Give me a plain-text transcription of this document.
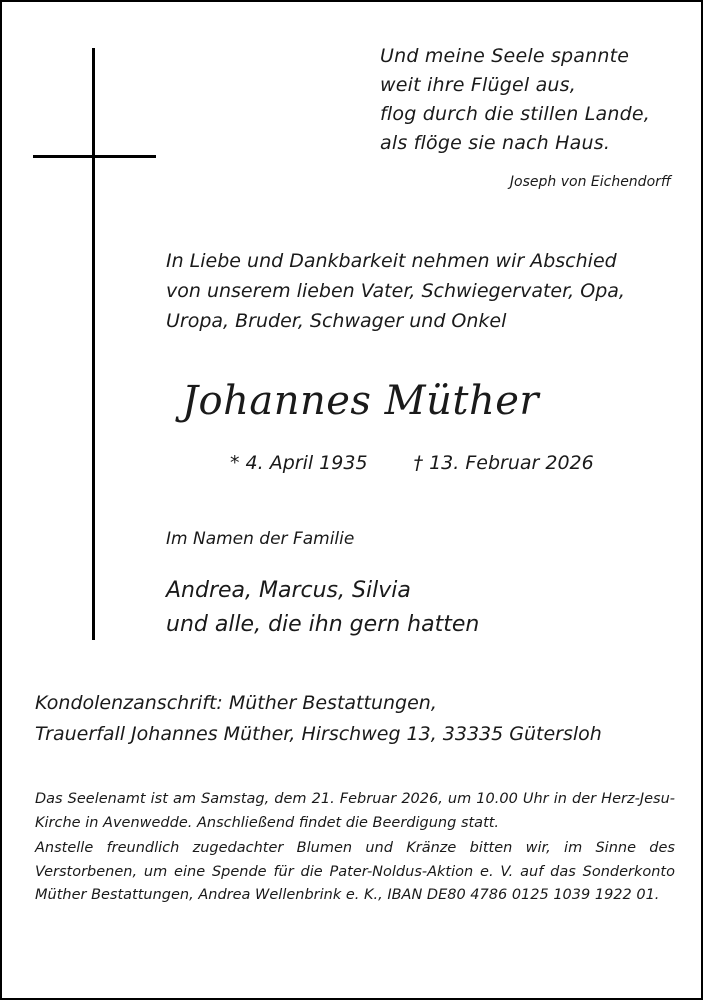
Und meine Seele spannte
weit ihre Flügel aus,
flog durch die stillen Lande,
als flöge sie nach Haus.
Joseph von Eichendorff
In Liebe und Dankbarkeit nehmen wir Abschied
von unserem lieben Vater, Schwiegervater, Opa,
Uropa, Bruder, Schwager und Onkel
Johannes Müther
* 4. April 1935 † 13. Februar 2026
Im Namen der Familie
Andrea, Marcus, Silvia
und alle, die ihn gern hatten
Kondolenzanschrift: Müther Bestattungen,
Trauerfall Johannes Müther, Hirschweg 13, 33335 Gütersloh

Das Seelenamt ist am Samstag, dem 21. Februar 2026, um 10.00 Uhr in der Herz-Jesu-Kirche in Avenwedde. Anschließend findet die Beerdigung statt.

Anstelle freundlich zugedachter Blumen und Kränze bitten wir, im Sinne des Verstorbenen, um eine Spende für die Pater-Noldus-Aktion e. V. auf das Sonderkonto Müther Bestattungen, Andrea Wellenbrink e. K., IBAN DE80 4786 0125 1039 1922 01.
